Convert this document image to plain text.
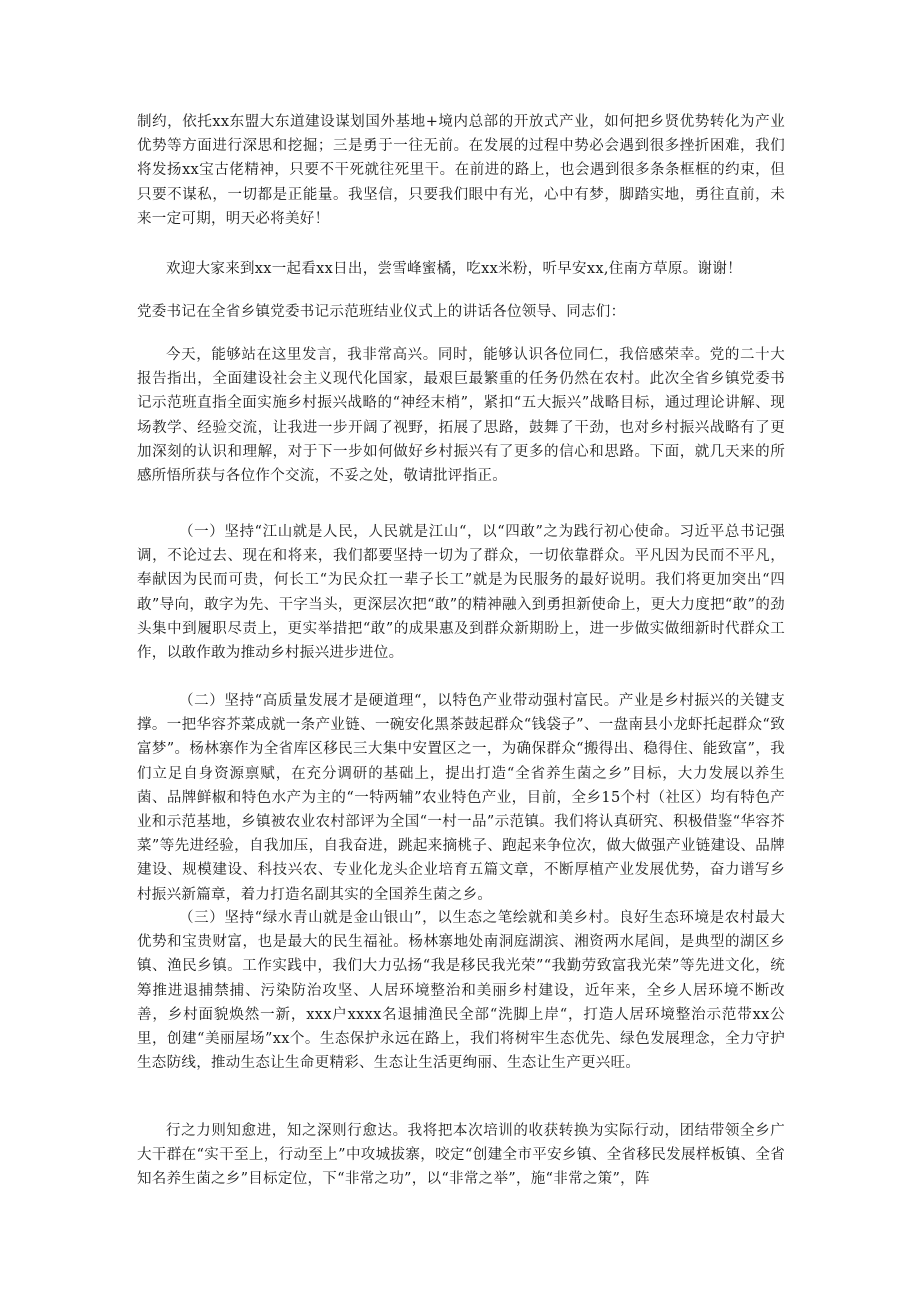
制约，依托xx东盟大东道建设谋划国外基地+境内总部的开放式产业，如何把乡贤优势转化为产业优势等方面进行深思和挖掘；三是勇于一往无前。在发展的过程中势必会遇到很多挫折困难，我们将发扬xx宝古佬精神，只要不干死就往死里干。在前进的路上，也会遇到很多条条框框的约束，但只要不谋私，一切都是正能量。我坚信，只要我们眼中有光，心中有梦，脚踏实地，勇往直前，未来一定可期，明天必将美好！

欢迎大家来到xx一起看xx日出，尝雪峰蜜橘，吃xx米粉，听早安xx,住南方草原。谢谢！

党委书记在全省乡镇党委书记示范班结业仪式上的讲话各位领导、同志们：

今天，能够站在这里发言，我非常高兴。同时，能够认识各位同仁，我倍感荣幸。党的二十大报告指出，全面建设社会主义现代化国家，最艰巨最繁重的任务仍然在农村。此次全省乡镇党委书记示范班直指全面实施乡村振兴战略的“神经末梢”，紧扣“五大振兴”战略目标，通过理论讲解、现场教学、经验交流，让我进一步开阔了视野，拓展了思路，鼓舞了干劲，也对乡村振兴战略有了更加深刻的认识和理解，对于下一步如何做好乡村振兴有了更多的信心和思路。下面，就几天来的所感所悟所获与各位作个交流，不妥之处，敬请批评指正。

（一）坚持“江山就是人民，人民就是江山“，以“四敢”之为践行初心使命。习近平总书记强调，不论过去、现在和将来，我们都要坚持一切为了群众，一切依靠群众。平凡因为民而不平凡，奉献因为民而可贵，何长工“为民众扛一辈子长工”就是为民服务的最好说明。我们将更加突出“四敢”导向，敢字为先、干字当头，更深层次把“敢”的精神融入到勇担新使命上，更大力度把“敢”的劲头集中到履职尽责上，更实举措把“敢”的成果惠及到群众新期盼上，进一步做实做细新时代群众工作，以敢作敢为推动乡村振兴进步进位。

（二）坚持“高质量发展才是硬道理“，以特色产业带动强村富民。产业是乡村振兴的关键支撑。一把华容芥菜成就一条产业链、一碗安化黑茶鼓起群众“钱袋子”、一盘南县小龙虾托起群众“致富梦”。杨林寨作为全省库区移民三大集中安置区之一，为确保群众“搬得出、稳得住、能致富”，我们立足自身资源禀赋，在充分调研的基础上，提出打造“全省养生菌之乡”目标，大力发展以养生菌、品牌鲜椒和特色水产为主的“一特两辅”农业特色产业，目前，全乡15个村（社区）均有特色产业和示范基地，乡镇被农业农村部评为全国“一村一品”示范镇。我们将认真研究、积极借鉴“华容芥菜”等先进经验，自我加压，自我奋进，跳起来摘桃子、跑起来争位次，做大做强产业链建设、品牌建设、规模建设、科技兴农、专业化龙头企业培育五篇文章，不断厚植产业发展优势，奋力谱写乡村振兴新篇章，着力打造名副其实的全国养生菌之乡。

（三）坚持“绿水青山就是金山银山”，以生态之笔绘就和美乡村。良好生态环境是农村最大优势和宝贵财富，也是最大的民生福祉。杨林寨地处南洞庭湖滨、湘资两水尾闾，是典型的湖区乡镇、渔民乡镇。工作实践中，我们大力弘扬“我是移民我光荣”“我勤劳致富我光荣”等先进文化，统筹推进退捕禁捕、污染防治攻坚、人居环境整治和美丽乡村建设，近年来，全乡人居环境不断改善，乡村面貌焕然一新，xxx户xxxx名退捕渔民全部“洗脚上岸“，打造人居环境整治示范带xx公里，创建“美丽屋场”xx个。生态保护永远在路上，我们将树牢生态优先、绿色发展理念，全力守护生态防线，推动生态让生命更精彩、生态让生活更绚丽、生态让生产更兴旺。

行之力则知愈进，知之深则行愈达。我将把本次培训的收获转换为实际行动，团结带领全乡广大干群在“实干至上，行动至上”中攻城拔寨，咬定“创建全市平安乡镇、全省移民发展样板镇、全省知名养生菌之乡”目标定位，下“非常之功”，以“非常之举”，施“非常之策”，阵
